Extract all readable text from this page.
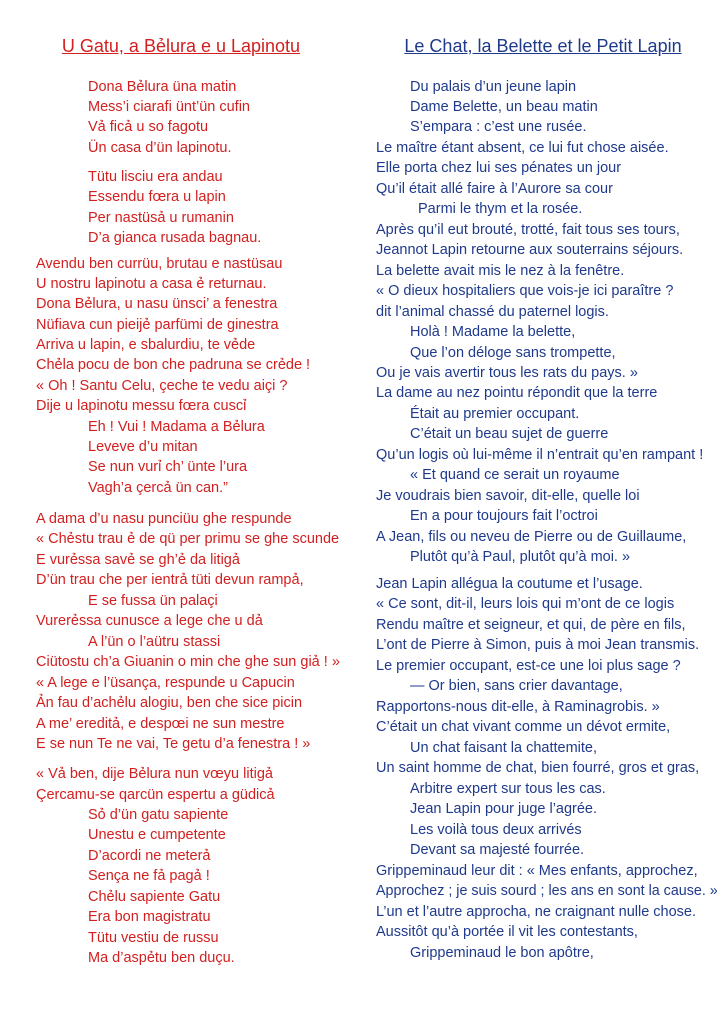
U Gatu, a Bẻlura e u Lapinotu
Dona Bẻlura üna matin
Mess’i ciarafi ünt’ün cufin
Vả ficả u so fagotu
Ün casa d’ün lapinotu.
Tütu lisciu era andau
Essendu fœra u lapin
Per nastüsả u rumanin
D’a gianca rusada bagnau.
Avendu ben currüu, brutau e nastüsau
U nostru lapinotu a casa ẻ returnau.
Dona Bẻlura, u nasu ünsci’ a fenestra
Nüfiava cun pieijẻ parfümi de ginestra
Arriva u lapin, e sbalurdiu, te vẻde
Chẻla pocu de bon che padruna se crẻde !
« Oh ! Santu Celu, çeche te vedu aiçi ?
Dije u lapinotu messu fœra cuscỉ
Eh ! Vui ! Madama a Bẻlura
Leveve d’u mitan
Se nun vurỉ ch’ ünte l’ura
Vagh’a çercả ün can.”
A dama d’u nasu punciüu ghe respunde
« Chẻstu trau ẻ de qü per primu se ghe scunde
E vurẻssa savẻ se gh’ẻ da litigả
D’ün trau che per ientrả tüti devun rampả,
E se fussa ün palaçi
Vurerẻssa cunusce a lege che u dả
A l’ün o l’aütru stassi
Ciütostu ch’a Giuanin o min che ghe sun giả ! »
« A lege e l’üsança, respunde u Capucin
Ản fau d’achẻlu alogiu, ben che sice picin
A me’ ereditả, e despœi ne sun mestre
E se nun Te ne vai, Te getu d’a fenestra ! »
« Vả ben, dije Bẻlura nun vœyu litigả
Çercamu-se qarcün espertu a güdicả
Sỏ d’ün gatu sapiente
Unestu e cumpetente
D’acordi ne meterả
Sença ne fả pagả !
Chẻlu sapiente Gatu
Era bon magistratu
Tütu vestiu de russu
Ma d’aspẻtu ben duçu.
Le Chat, la Belette et le Petit Lapin
Du palais d’un jeune lapin
Dame Belette, un beau matin
S’empara : c’est une rusée.
Le maître étant absent, ce lui fut chose aisée.
Elle porta chez lui ses pénates un jour
Qu’il était allé faire à l’Aurore sa cour
Parmi le thym et la rosée.
Après qu’il eut brouté, trotté, fait tous ses tours,
Jeannot Lapin retourne aux souterrains séjours.
La belette avait mis le nez à la fenêtre.
« O dieux hospitaliers que vois-je ici paraître ?
dit l’animal chassé du paternel logis.
Holà ! Madame la belette,
Que l’on déloge sans trompette,
Ou je vais avertir tous les rats du pays. »
La dame au nez pointu répondit que la terre
Était au premier occupant.
C’était un beau sujet de guerre
Qu’un logis où lui-même il n’entrait qu’en rampant !
« Et quand ce serait un royaume
Je voudrais bien savoir, dit-elle, quelle loi
En a pour toujours fait l’octroi
A Jean, fils ou neveu de Pierre ou de Guillaume,
Plutôt qu’à Paul, plutôt qu’à moi. »
Jean Lapin allégua la coutume et l’usage.
« Ce sont, dit-il, leurs lois qui m’ont de ce logis
Rendu maître et seigneur, et qui, de père en fils,
L’ont de Pierre à Simon, puis à moi Jean transmis.
Le premier occupant, est-ce une loi plus sage ?
— Or bien, sans crier davantage,
Rapportons-nous dit-elle, à Raminagrobis. »
C’était un chat vivant comme un dévot ermite,
Un chat faisant la chattemite,
Un saint homme de chat, bien fourré, gros et gras,
Arbitre expert sur tous les cas.
Jean Lapin pour juge l’agrée.
Les voilà tous deux arrivés
Devant sa majesté fourrée.
Grippeminaud leur dit : « Mes enfants, approchez,
Approchez ; je suis sourd ; les ans en sont la cause. »
L’un et l’autre approcha, ne craignant nulle chose.
Aussitôt qu’à portée il vit les contestants,
Grippeminaud le bon apôtre,
